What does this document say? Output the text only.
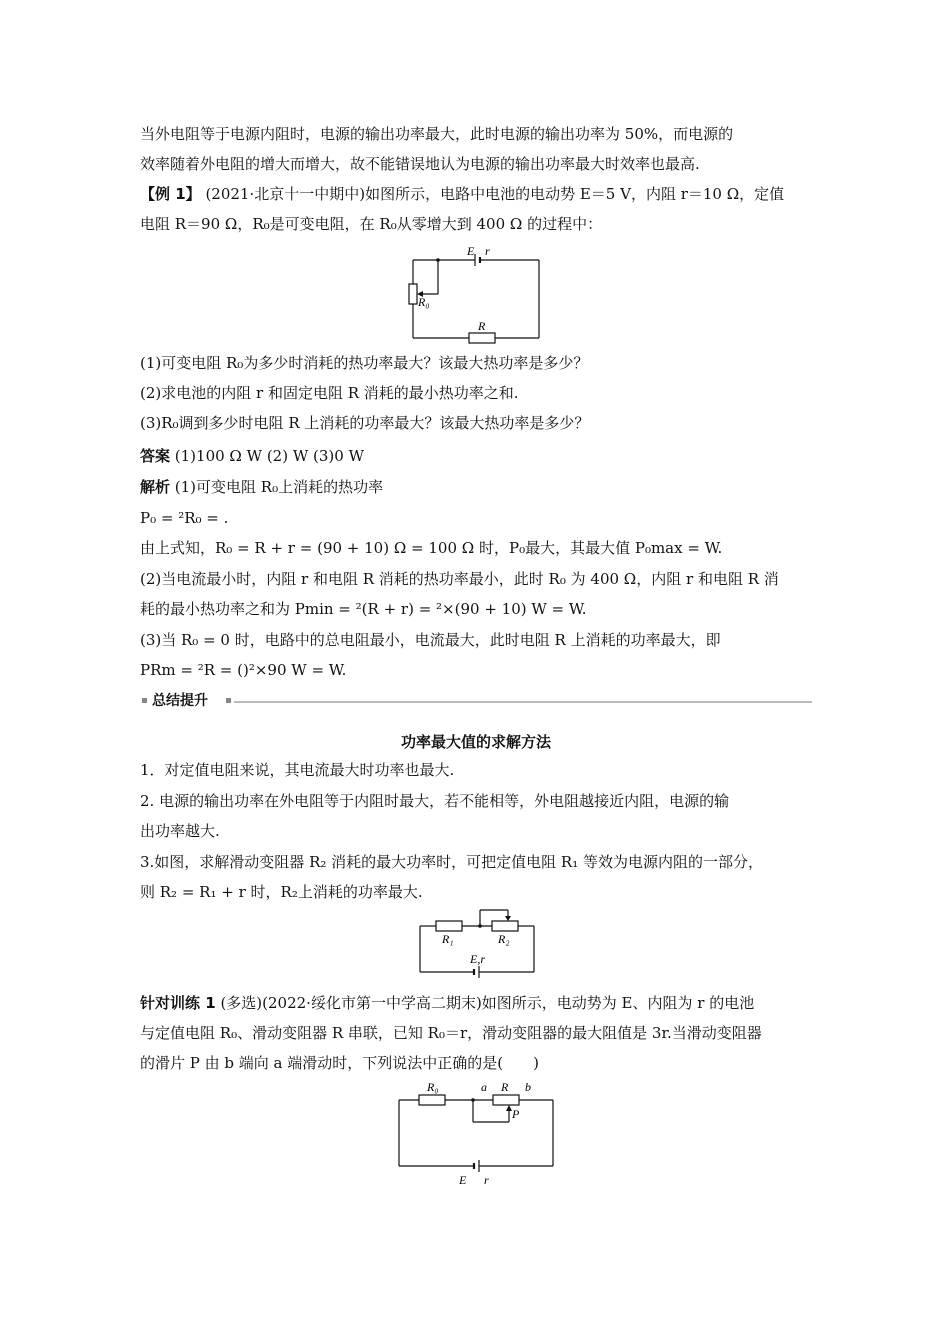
当外电阻等于电源内阻时，电源的输出功率最大，此时电源的输出功率为 50%，而电源的
效率随着外电阻的增大而增大，故不能错误地认为电源的输出功率最大时效率也最高.
【例 1】 (2021·北京十一中期中)如图所示，电路中电池的电动势 E＝5 V，内阻 r＝10 Ω，定值
电阻 R＝90 Ω，R₀是可变电阻，在 R₀从零增大到 400 Ω 的过程中：
E r
R₀
R
(1)可变电阻 R₀为多少时消耗的热功率最大？该最大热功率是多少？
(2)求电池的内阻 r 和固定电阻 R 消耗的最小热功率之和.
(3)R₀调到多少时电阻 R 上消耗的功率最大？该最大热功率是多少？
答案 (1)100 Ω W (2) W (3)0 W
解析 (1)可变电阻 R₀上消耗的热功率
P₀ = ²R₀ = .
由上式知，R₀ = R + r = (90 + 10) Ω = 100 Ω 时，P₀最大，其最大值 P₀max = W.
(2)当电流最小时，内阻 r 和电阻 R 消耗的热功率最小，此时 R₀ 为 400 Ω，内阻 r 和电阻 R 消
耗的最小热功率之和为 Pmin = ²(R + r) = ²×(90 + 10) W = W.
(3)当 R₀ = 0 时，电路中的总电阻最小，电流最大，此时电阻 R 上消耗的功率最大，即
PRm = ²R = ()²×90 W = W.
总结提升
功率最大值的求解方法
1．对定值电阻来说，其电流最大时功率也最大.
2. 电源的输出功率在外电阻等于内阻时最大，若不能相等，外电阻越接近内阻，电源的输
出功率越大.
3.如图，求解滑动变阻器 R₂ 消耗的最大功率时，可把定值电阻 R₁ 等效为电源内阻的一部分，
则 R₂ = R₁ + r 时，R₂上消耗的功率最大.
R₁	R₂
E,r
针对训练 1 (多选)(2022·绥化市第一中学高二期末)如图所示，电动势为 E、内阻为 r 的电池
与定值电阻 R₀、滑动变阻器 R 串联，已知 R₀＝r，滑动变阻器的最大阻值是 3r.当滑动变阻器
的滑片 P 由 b 端向 a 端滑动时，下列说法中正确的是(　　)
R₀	a R b
P
E r
